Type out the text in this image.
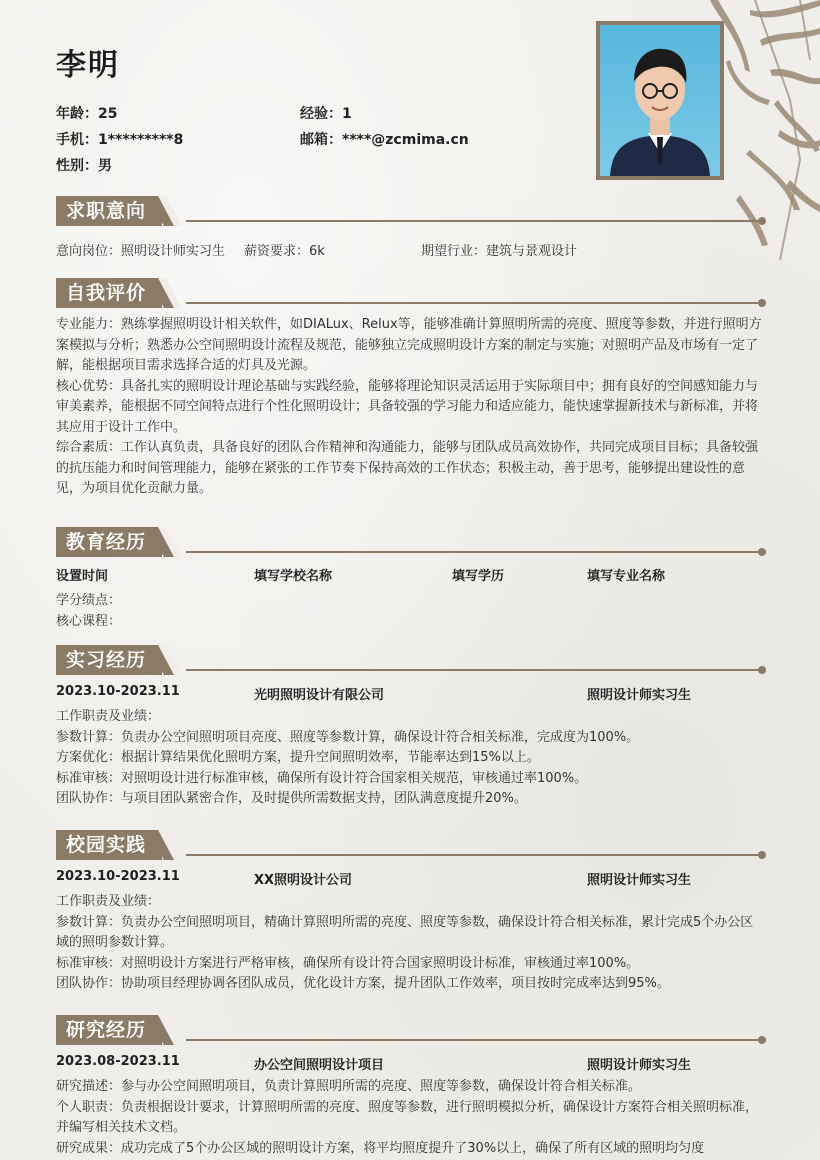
李明
年龄：25	经验：1
手机：1*********8	邮箱：****@zcmima.cn
性别：男
求职意向
意向岗位：照明设计师实习生 薪资要求：6k	期望行业：建筑与景观设计
自我评价

专业能力：熟练掌握照明设计相关软件，如DIALux、Relux等，能够准确计算照明所需的亮度、照度等参数，并进行照明方案模拟与分析；熟悉办公空间照明设计流程及规范，能够独立完成照明设计方案的制定与实施；对照明产品及市场有一定了解，能根据项目需求选择合适的灯具及光源。

核心优势：具备扎实的照明设计理论基础与实践经验，能够将理论知识灵活运用于实际项目中；拥有良好的空间感知能力与审美素养，能根据不同空间特点进行个性化照明设计；具备较强的学习能力和适应能力，能快速掌握新技术与新标准，并将其应用于设计工作中。

综合素质：工作认真负责，具备良好的团队合作精神和沟通能力，能够与团队成员高效协作，共同完成项目目标；具备较强的抗压能力和时间管理能力，能够在紧张的工作节奏下保持高效的工作状态；积极主动，善于思考，能够提出建设性的意见，为项目优化贡献力量。

教育经历
设置时间	填写学校名称	填写学历	填写专业名称
学分绩点：
核心课程：
实习经历
2023.10-2023.11	光明照明设计有限公司	照明设计师实习生

工作职责及业绩：

参数计算：负责办公空间照明项目亮度、照度等参数计算，确保设计符合相关标准，完成度为100%。

方案优化：根据计算结果优化照明方案，提升空间照明效率，节能率达到15%以上。

标准审核：对照明设计进行标准审核，确保所有设计符合国家相关规范，审核通过率100%。

团队协作：与项目团队紧密合作，及时提供所需数据支持，团队满意度提升20%。

校园实践
2023.10-2023.11	XX照明设计公司	照明设计师实习生

工作职责及业绩：

参数计算：负责办公空间照明项目，精确计算照明所需的亮度、照度等参数，确保设计符合相关标准，累计完成5个办公区域的照明参数计算。

标准审核：对照明设计方案进行严格审核，确保所有设计符合国家照明设计标准，审核通过率100%。

团队协作：协助项目经理协调各团队成员，优化设计方案，提升团队工作效率，项目按时完成率达到95%。

研究经历
2023.08-2023.11	办公空间照明设计项目	照明设计师实习生

研究描述：参与办公空间照明项目，负责计算照明所需的亮度、照度等参数，确保设计符合相关标准。

个人职责：负责根据设计要求，计算照明所需的亮度、照度等参数，进行照明模拟分析，确保设计方案符合相关照明标准，并编写相关技术文档。

研究成果：成功完成了5个办公区域的照明设计方案，将平均照度提升了30%以上，确保了所有区域的照明均匀度
